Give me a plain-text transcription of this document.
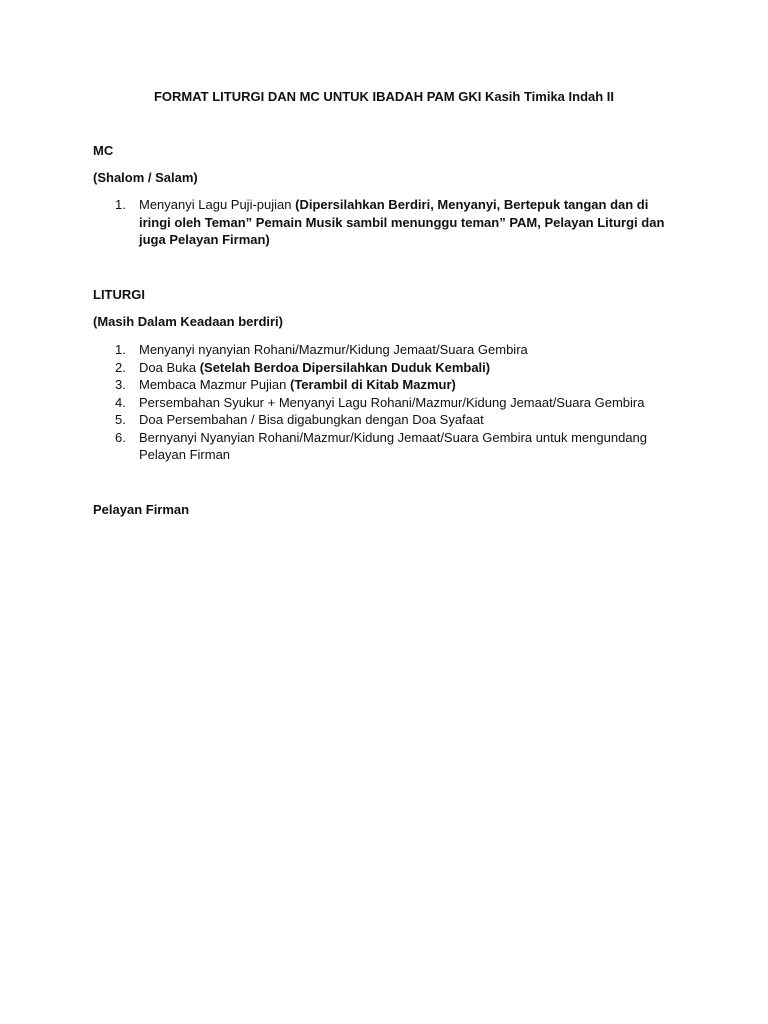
FORMAT LITURGI DAN MC UNTUK IBADAH PAM GKI Kasih Timika Indah II
MC
(Shalom / Salam)
1. Menyanyi Lagu Puji-pujian (Dipersilahkan Berdiri, Menyanyi, Bertepuk tangan dan di iringi oleh Teman” Pemain Musik sambil menunggu teman” PAM, Pelayan Liturgi dan juga Pelayan Firman)
LITURGI
(Masih Dalam Keadaan berdiri)
1. Menyanyi nyanyian Rohani/Mazmur/Kidung Jemaat/Suara Gembira
2. Doa Buka (Setelah Berdoa Dipersilahkan Duduk Kembali)
3. Membaca Mazmur Pujian (Terambil di Kitab Mazmur)
4. Persembahan Syukur + Menyanyi Lagu Rohani/Mazmur/Kidung Jemaat/Suara Gembira
5. Doa Persembahan / Bisa digabungkan dengan Doa Syafaat
6. Bernyanyi Nyanyian Rohani/Mazmur/Kidung Jemaat/Suara Gembira untuk mengundang Pelayan Firman
Pelayan Firman
